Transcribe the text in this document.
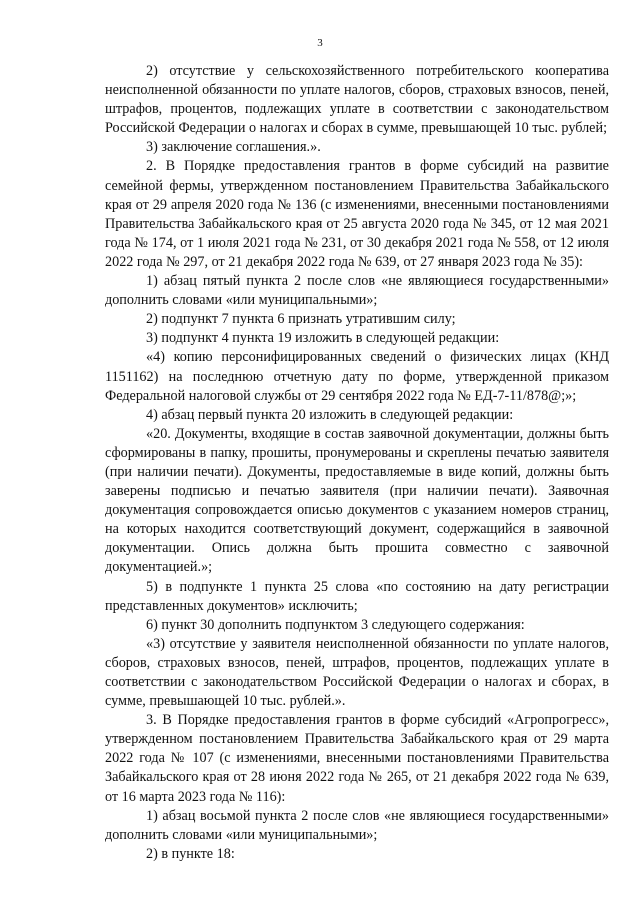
3

2) отсутствие у сельскохозяйственного потребительского кооператива неисполненной обязанности по уплате налогов, сборов, страховых взносов, пеней, штрафов, процентов, подлежащих уплате в соответствии с законодательством Российской Федерации о налогах и сборах в сумме, превышающей 10 тыс. рублей;

3) заключение соглашения.».

2. В Порядке предоставления грантов в форме субсидий на развитие семейной фермы, утвержденном постановлением Правительства Забайкальского края от 29 апреля 2020 года № 136 (с изменениями, внесенными постановлениями Правительства Забайкальского края от 25 августа 2020 года № 345, от 12 мая 2021 года № 174, от 1 июля 2021 года № 231, от 30 декабря 2021 года № 558, от 12 июля 2022 года № 297, от 21 декабря 2022 года № 639, от 27 января 2023 года № 35):

1) абзац пятый пункта 2 после слов «не являющиеся государственными» дополнить словами «или муниципальными»;

2) подпункт 7 пункта 6 признать утратившим силу;

3) подпункт 4 пункта 19 изложить в следующей редакции:

«4) копию персонифицированных сведений о физических лицах (КНД 1151162) на последнюю отчетную дату по форме, утвержденной приказом Федеральной налоговой службы от 29 сентября 2022 года № ЕД-7-11/878@;»;

4) абзац первый пункта 20 изложить в следующей редакции:

«20. Документы, входящие в состав заявочной документации, должны быть сформированы в папку, прошиты, пронумерованы и скреплены печатью заявителя (при наличии печати). Документы, предоставляемые в виде копий, должны быть заверены подписью и печатью заявителя (при наличии печати). Заявочная документация сопровождается описью документов с указанием номеров страниц, на которых находится соответствующий документ, содержащийся в заявочной документации. Опись должна быть прошита совместно с заявочной документацией.»;

5) в подпункте 1 пункта 25 слова «по состоянию на дату регистрации представленных документов» исключить;

6) пункт 30 дополнить подпунктом 3 следующего содержания:

«3) отсутствие у заявителя неисполненной обязанности по уплате налогов, сборов, страховых взносов, пеней, штрафов, процентов, подлежащих уплате в соответствии с законодательством Российской Федерации о налогах и сборах, в сумме, превышающей 10 тыс. рублей.».

3. В Порядке предоставления грантов в форме субсидий «Агропрогресс», утвержденном постановлением Правительства Забайкальского края от 29 марта 2022 года № 107 (с изменениями, внесенными постановлениями Правительства Забайкальского края от 28 июня 2022 года № 265, от 21 декабря 2022 года № 639, от 16 марта 2023 года № 116):

1) абзац восьмой пункта 2 после слов «не являющиеся государственными» дополнить словами «или муниципальными»;

2) в пункте 18:
